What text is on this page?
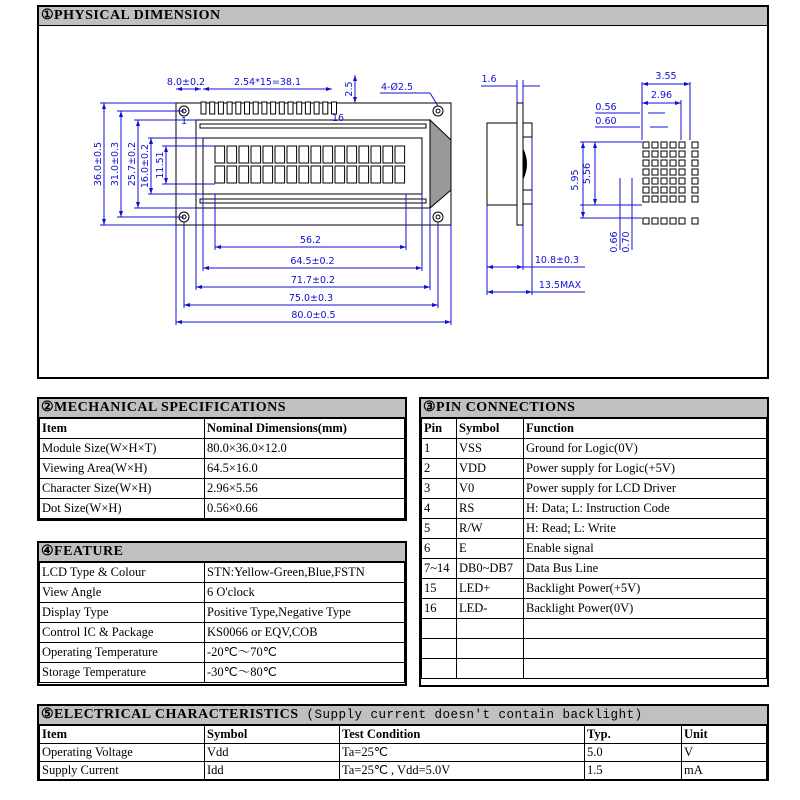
①PHYSICAL DIMENSION
1	16
56.2
64.5±0.2
71.7±0.2
75.0±0.3
80.0±0.5
2.54*15=38.1
8.0±0.2	2.5	4-Ø2.5
36.0±0.5 31.0±0.3 25.7±0.2 16.0±0.2 11.51
1.6
10.8±0.3
13.5MAX
3.55
2.96
0.56
0.60
5.95 5.56
0.66 0.70
②MECHANICAL SPECIFICATIONS
Item	Nominal Dimensions(mm)
Module Size(W×H×T)	80.0×36.0×12.0
Viewing Area(W×H)	64.5×16.0
Character Size(W×H)	2.96×5.56
Dot Size(W×H)	0.56×0.66
④FEATURE
LCD Type & Colour	STN:Yellow-Green,Blue,FSTN
View Angle	6 O'clock
Display Type	Positive Type,Negative Type
Control IC & Package	KS0066 or EQV,COB
Operating Temperature	-20℃～70℃
Storage Temperature	-30℃～80℃
③PIN CONNECTIONS
Pin	Symbol	Function
1	VSS	Ground for Logic(0V)
2	VDD	Power supply for Logic(+5V)
3	V0	Power supply for LCD Driver
4	RS	H: Data; L: Instruction Code
5	R/W	H: Read; L: Write
6	E	Enable signal
7~14	DB0~DB7	Data Bus Line
15	LED+	Backlight Power(+5V)
16	LED-	Backlight Power(0V)

⑤ELECTRICAL CHARACTERISTICS (Supply current doesn't contain backlight)
Item	Symbol	Test Condition	Typ.	Unit
Operating Voltage	Vdd	Ta=25℃	5.0	V
Supply Current	Idd	Ta=25℃ , Vdd=5.0V	1.5	mA
